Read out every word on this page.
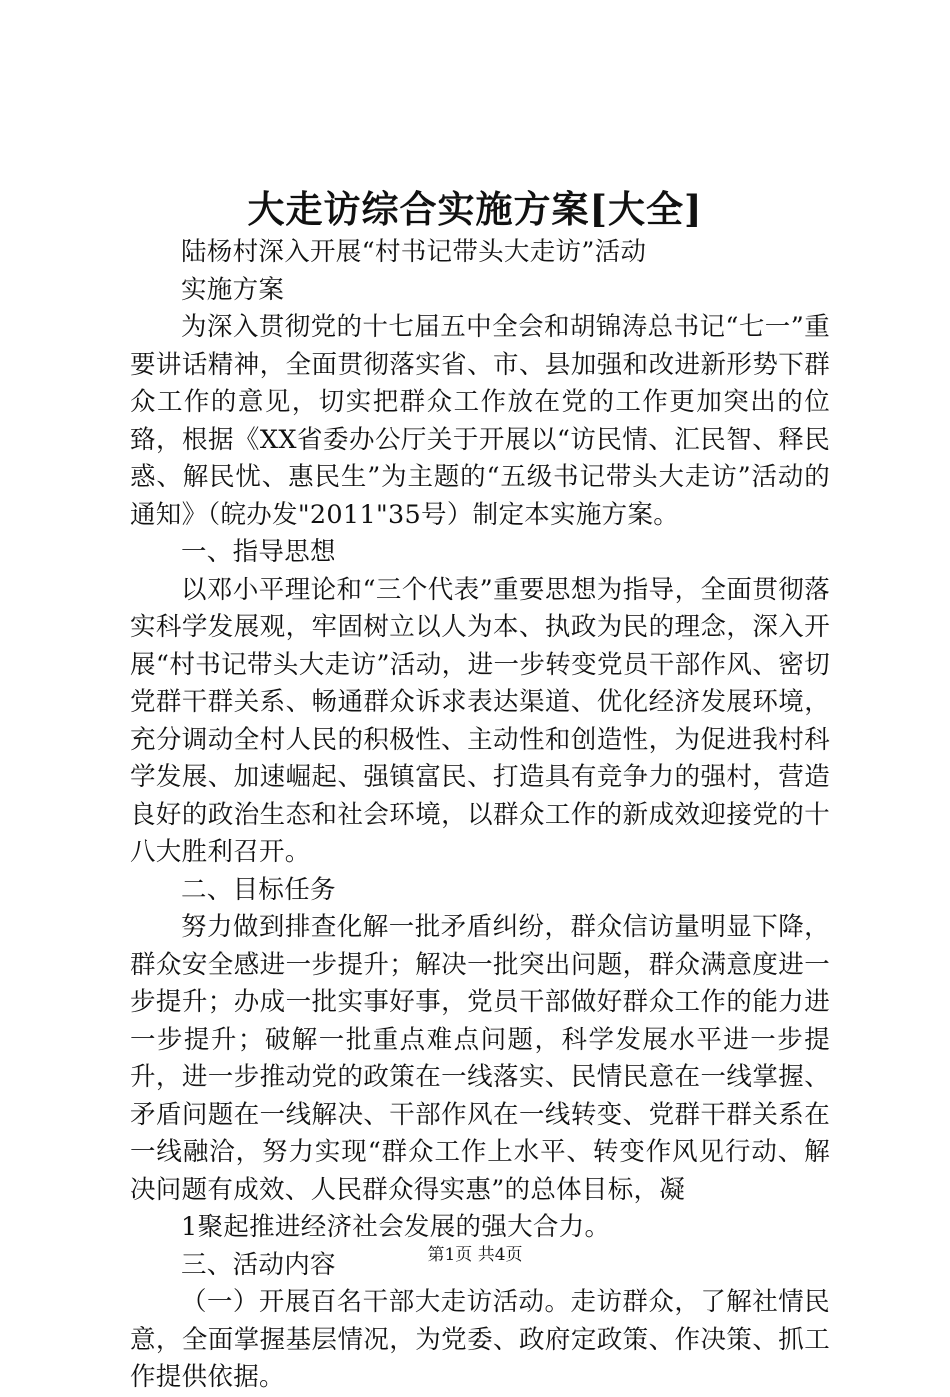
大走访综合实施方案[大全]

陆杨村深入开展“村书记带头大走访”活动

实施方案

为深入贯彻党的十七届五中全会和胡锦涛总书记“七一”重要讲话精神，全面贯彻落实省、市、县加强和改进新形势下群众工作的意见，切实把群众工作放在党的工作更加突出的位臵，根据《XX省委办公厅关于开展以“访民情、汇民智、释民惑、解民忧、惠民生”为主题的“五级书记带头大走访”活动的通知》（皖办发"2011"35号）制定本实施方案。

一、指导思想

以邓小平理论和“三个代表”重要思想为指导，全面贯彻落实科学发展观，牢固树立以人为本、执政为民的理念，深入开展“村书记带头大走访”活动，进一步转变党员干部作风、密切党群干群关系、畅通群众诉求表达渠道、优化经济发展环境，充分调动全村人民的积极性、主动性和创造性，为促进我村科学发展、加速崛起、强镇富民、打造具有竞争力的强村，营造良好的政治生态和社会环境，以群众工作的新成效迎接党的十八大胜利召开。

二、目标任务

努力做到排查化解一批矛盾纠纷，群众信访量明显下降，群众安全感进一步提升；解决一批突出问题，群众满意度进一步提升；办成一批实事好事，党员干部做好群众工作的能力进一步提升；破解一批重点难点问题，科学发展水平进一步提升，进一步推动党的政策在一线落实、民情民意在一线掌握、矛盾问题在一线解决、干部作风在一线转变、党群干群关系在一线融洽，努力实现“群众工作上水平、转变作风见行动、解决问题有成效、人民群众得实惠”的总体目标，凝

1聚起推进经济社会发展的强大合力。

三、活动内容

（一）开展百名干部大走访活动。走访群众，了解社情民意，全面掌握基层情况，为党委、政府定政策、作决策、抓工作提供依据。

第1页 共4页
